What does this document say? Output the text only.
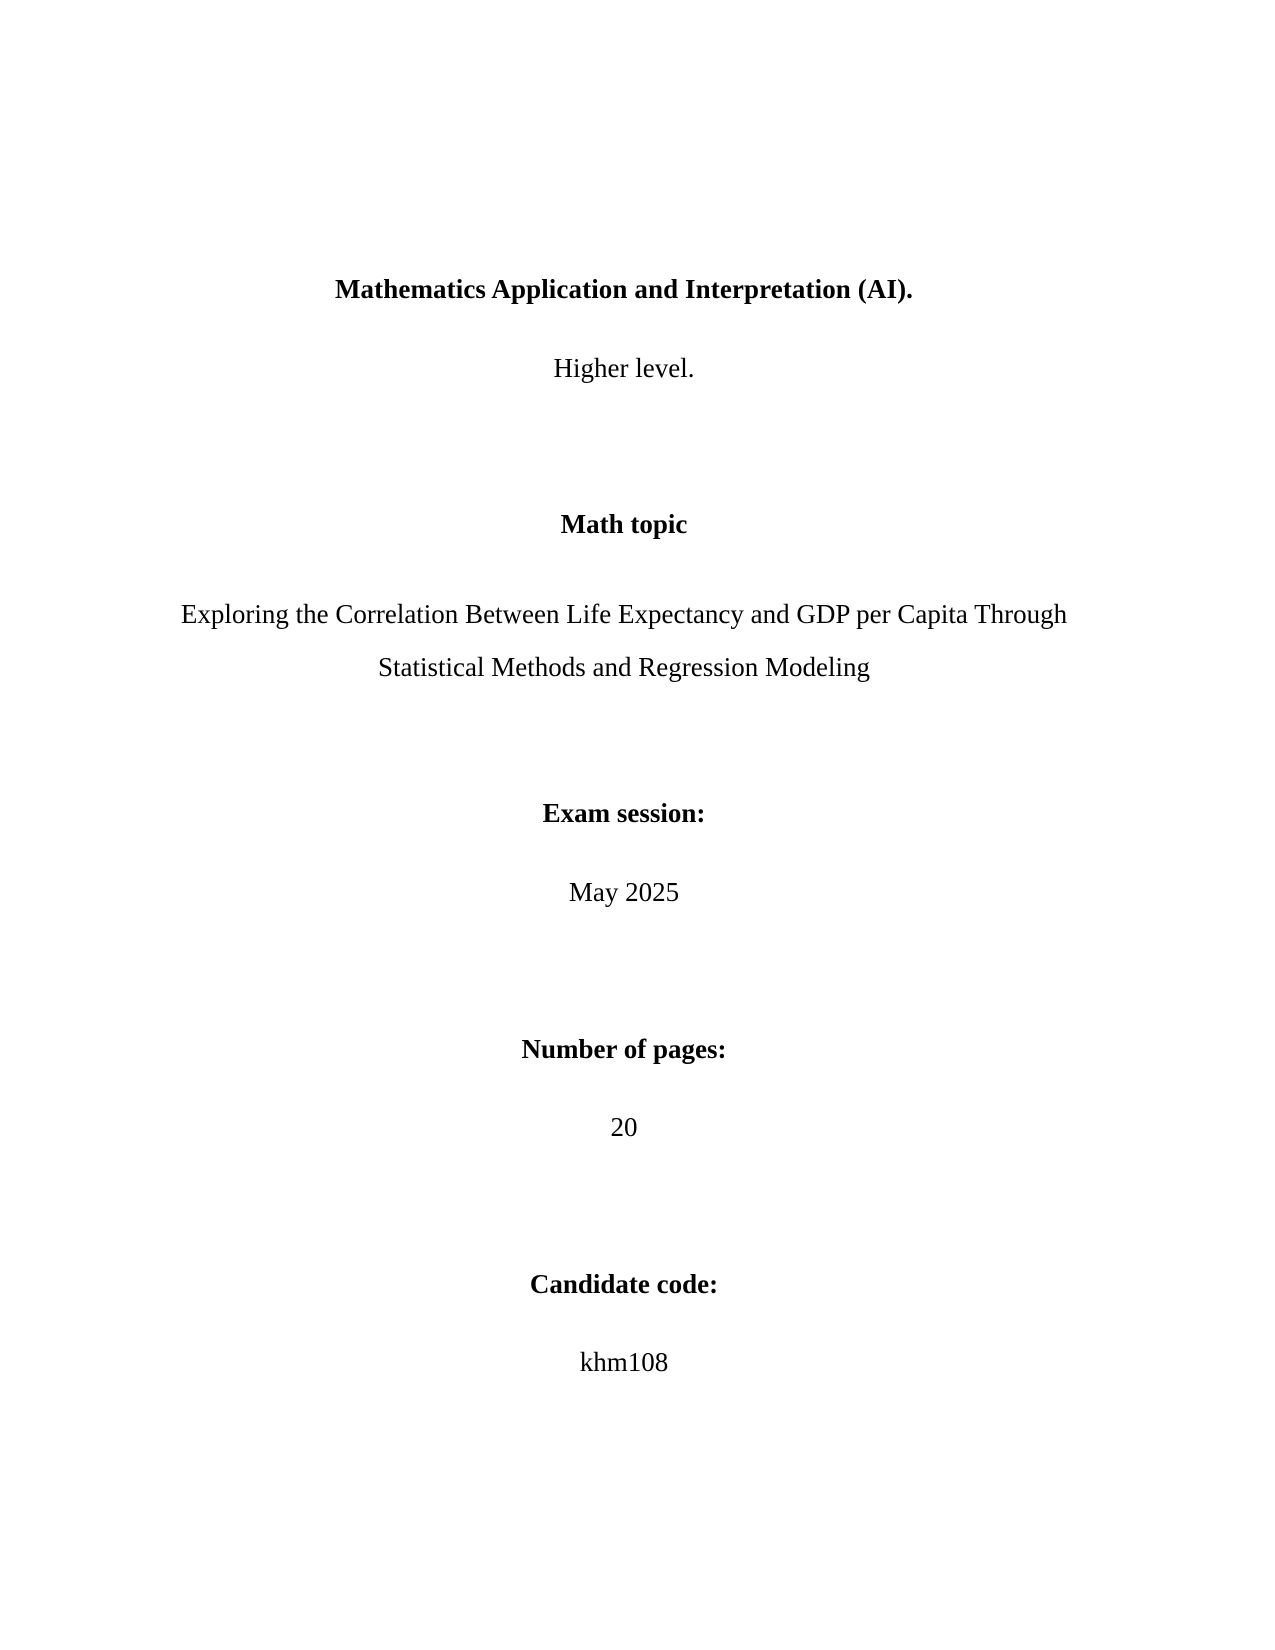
Mathematics Application and Interpretation (AI).
Higher level.
Math topic
Exploring the Correlation Between Life Expectancy and GDP per Capita Through Statistical Methods and Regression Modeling
Exam session:
May 2025
Number of pages:
20
Candidate code:
khm108
